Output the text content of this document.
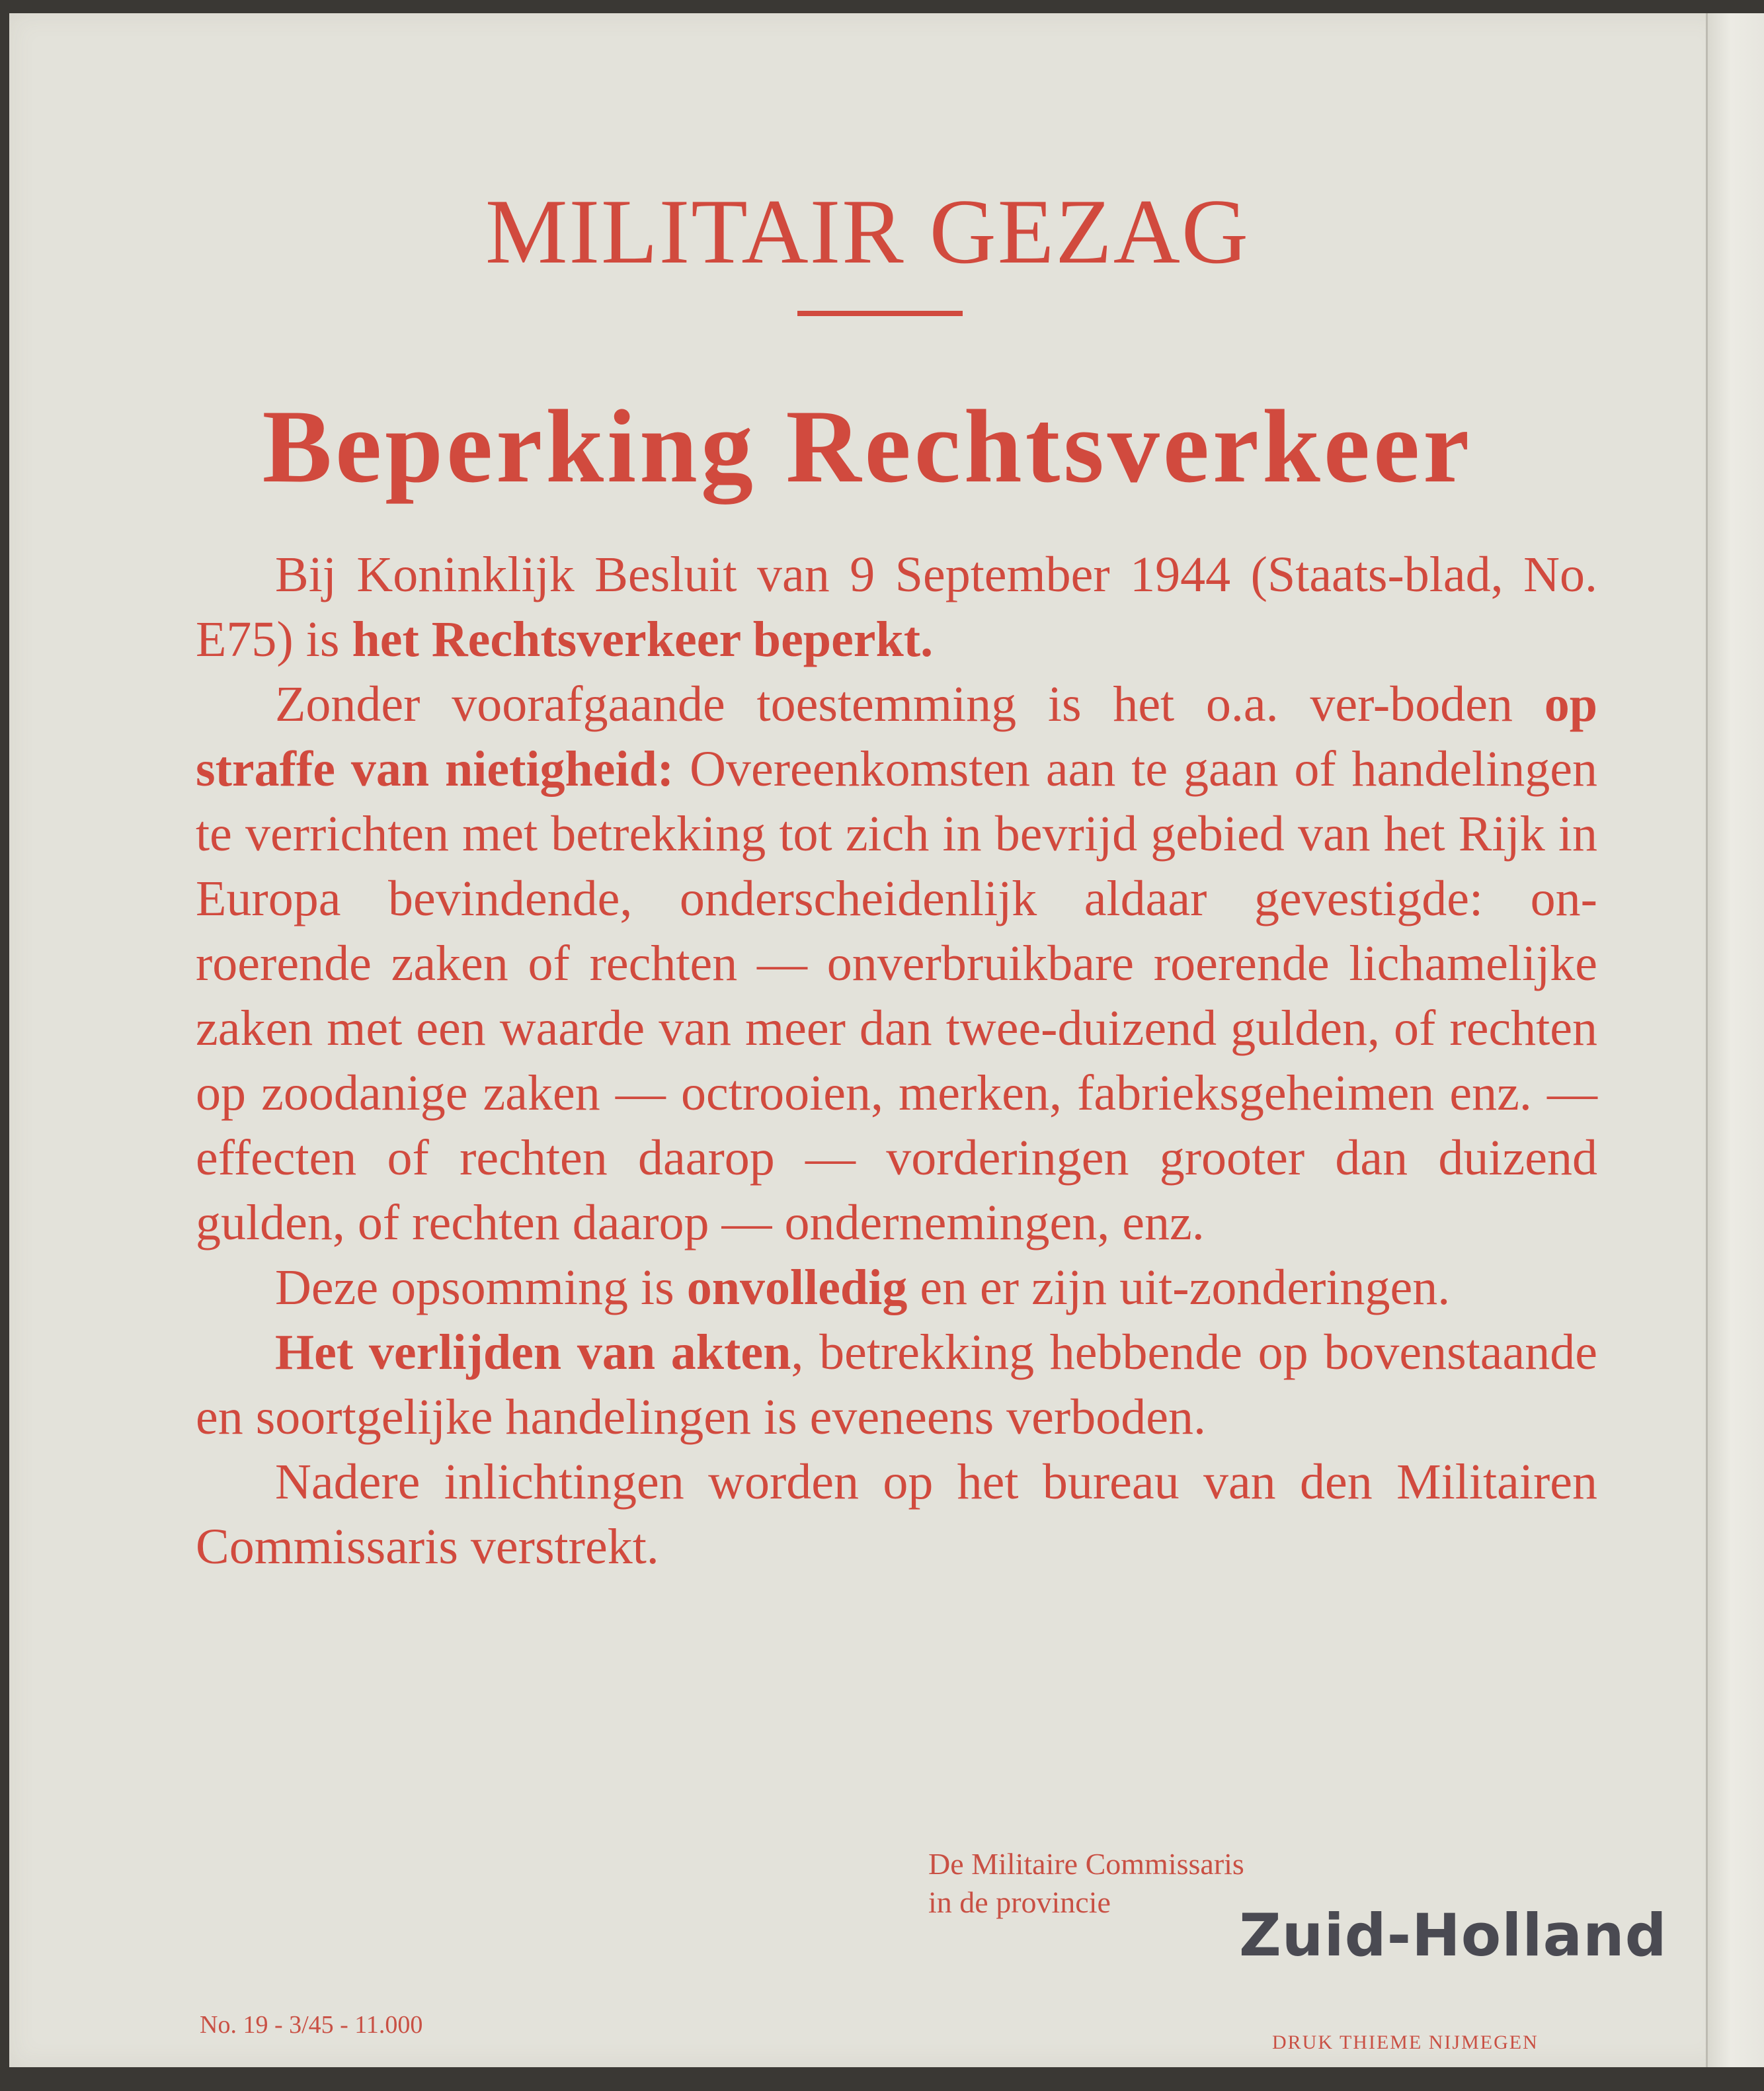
MILITAIR GEZAG
Beperking Rechtsverkeer

Bij Koninklijk Besluit van 9 September 1944 (Staats-blad, No. E75) is het Rechtsverkeer beperkt.

Zonder voorafgaande toestemming is het o.a. ver-boden op straffe van nietigheid: Overeenkomsten aan te gaan of handelingen te verrichten met betrekking tot zich in bevrijd gebied van het Rijk in Europa bevindende, onderscheidenlijk aldaar gevestigde: on-roerende zaken of rechten — onverbruikbare roerende lichamelijke zaken met een waarde van meer dan twee-duizend gulden, of rechten op zoodanige zaken — octrooien, merken, fabrieksgeheimen enz. — effecten of rechten daarop — vorderingen grooter dan duizend gulden, of rechten daarop — ondernemingen, enz.

Deze opsomming is onvolledig en er zijn uit-zonderingen.

Het verlijden van akten, betrekking hebbende op bovenstaande en soortgelijke handelingen is eveneens verboden.

Nadere inlichtingen worden op het bureau van den Militairen Commissaris verstrekt.

De Militaire Commissaris
in de provincie	Zuid-Holland
No. 19 - 3/45 - 11.000
DRUK THIEME NIJMEGEN
